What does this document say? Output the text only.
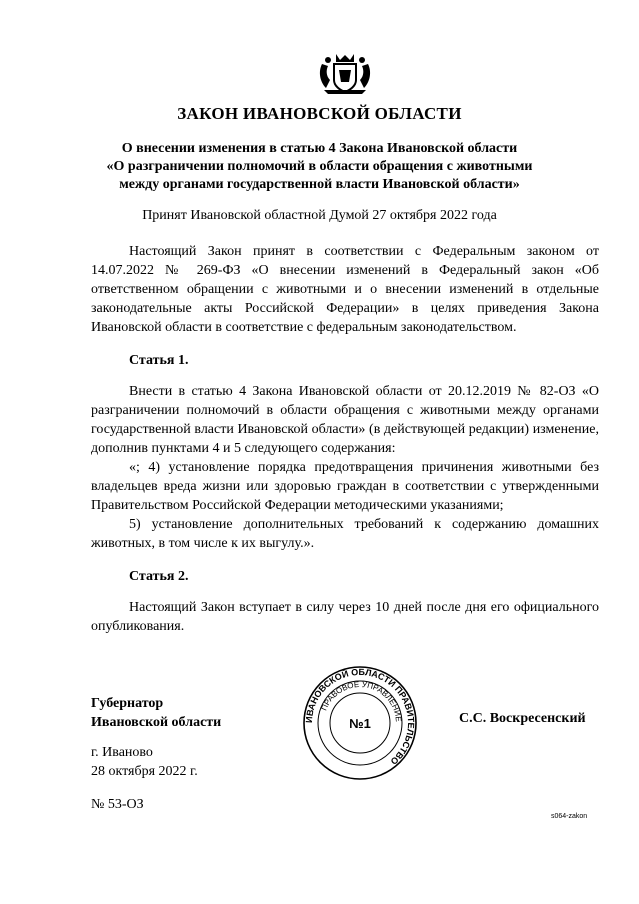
ЗАКОН ИВАНОВСКОЙ ОБЛАСТИ
О внесении изменения в статью 4 Закона Ивановской области
«О разграничении полномочий в области обращения с животными
между органами государственной власти Ивановской области»
Принят Ивановской областной Думой 27 октября 2022 года

Настоящий Закон принят в соответствии с Федеральным законом от 14.07.2022 № 269-ФЗ «О внесении изменений в Федеральный закон «Об ответственном обращении с животными и о внесении изменений в отдельные законодательные акты Российской Федерации» в целях приведения Закона Ивановской области в соответствие с федеральным законодательством.

Статья 1.

Внести в статью 4 Закона Ивановской области от 20.12.2019 № 82-ОЗ «О разграничении полномочий в области обращения с животными между органами государственной власти Ивановской области» (в действующей редакции) изменение, дополнив пунктами 4 и 5 следующего содержания:

«; 4) установление порядка предотвращения причинения животными без владельцев вреда жизни или здоровью граждан в соответствии с утвержденными Правительством Российской Федерации методическими указаниями;

5) установление дополнительных требований к содержанию домашних животных, в том числе к их выгулу.».

Статья 2.

Настоящий Закон вступает в силу через 10 дней после дня его официального опубликования.

Губернатор
Ивановской области	ИВАНОВСКОЙ ОБЛАСТИ ПРАВИТЕЛЬСТВО
ПРАВОВОЕ УПРАВЛЕНИЕ
№1	С.С. Воскресенский
г. Иваново
28 октября 2022 г.
№ 53-ОЗ
s064-zakon
